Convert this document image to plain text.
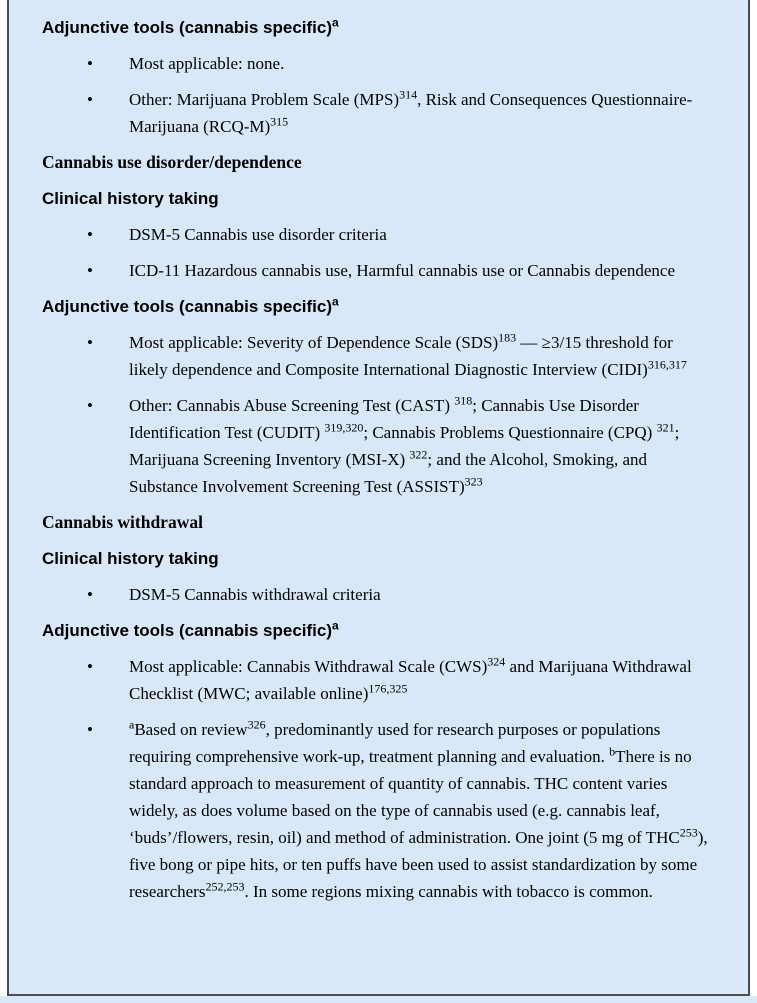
Adjunctive tools (cannabis specific)$^a$
•	Most applicable: none.
•	Other: Marijuana Problem Scale (MPS)$^{314}$, Risk and Consequences Questionnaire-Marijuana $(RCQ-M)^{315}$
Cannabis use disorder/dependence
Clinical history taking
•	DSM-5 Cannabis use disorder criteria
•	ICD-11 Hazardous cannabis use, Harmful cannabis use or Cannabis dependence
Adjunctive tools (cannabis specific)$^a$
•	Most applicable: Severity of Dependence Scale (SDS)$^{183}$ — ≥3/15 threshold for likely dependence and Composite International Diagnostic Interview (CIDI)$^{316,317}$
•	Other: Cannabis Abuse Screening Test (CAST) $^{318}$; Cannabis Use Disorder Identification Test (CUDIT) $^{319,320}$; Cannabis Problems Questionnaire (CPQ) $^{321}$; Marijuana Screening Inventory (MSI-X) $^{322}$; and the Alcohol, Smoking, and Substance Involvement Screening Test (ASSIST)$^{323}$
Cannabis withdrawal
Clinical history taking
•	DSM-5 Cannabis withdrawal criteria
Adjunctive tools (cannabis specific)$^a$
•	Most applicable: Cannabis Withdrawal Scale (CWS)$^{324}$ and Marijuana Withdrawal Checklist (MWC; available online)$^{176,325}$
•	$^a$Based on review$^{326}$, predominantly used for research purposes or populations requiring comprehensive work-up, treatment planning and evaluation. $^b$There is no standard approach to measurement of quantity of cannabis. THC content varies widely, as does volume based on the type of cannabis used (e.g. cannabis leaf, ‘buds’/flowers, resin, oil) and method of administration. One joint (5 mg of THC$^{253}$), five bong or pipe hits, or ten puffs have been used to assist standardization by some researchers$^{252,253}$. In some regions mixing cannabis with tobacco is common.
